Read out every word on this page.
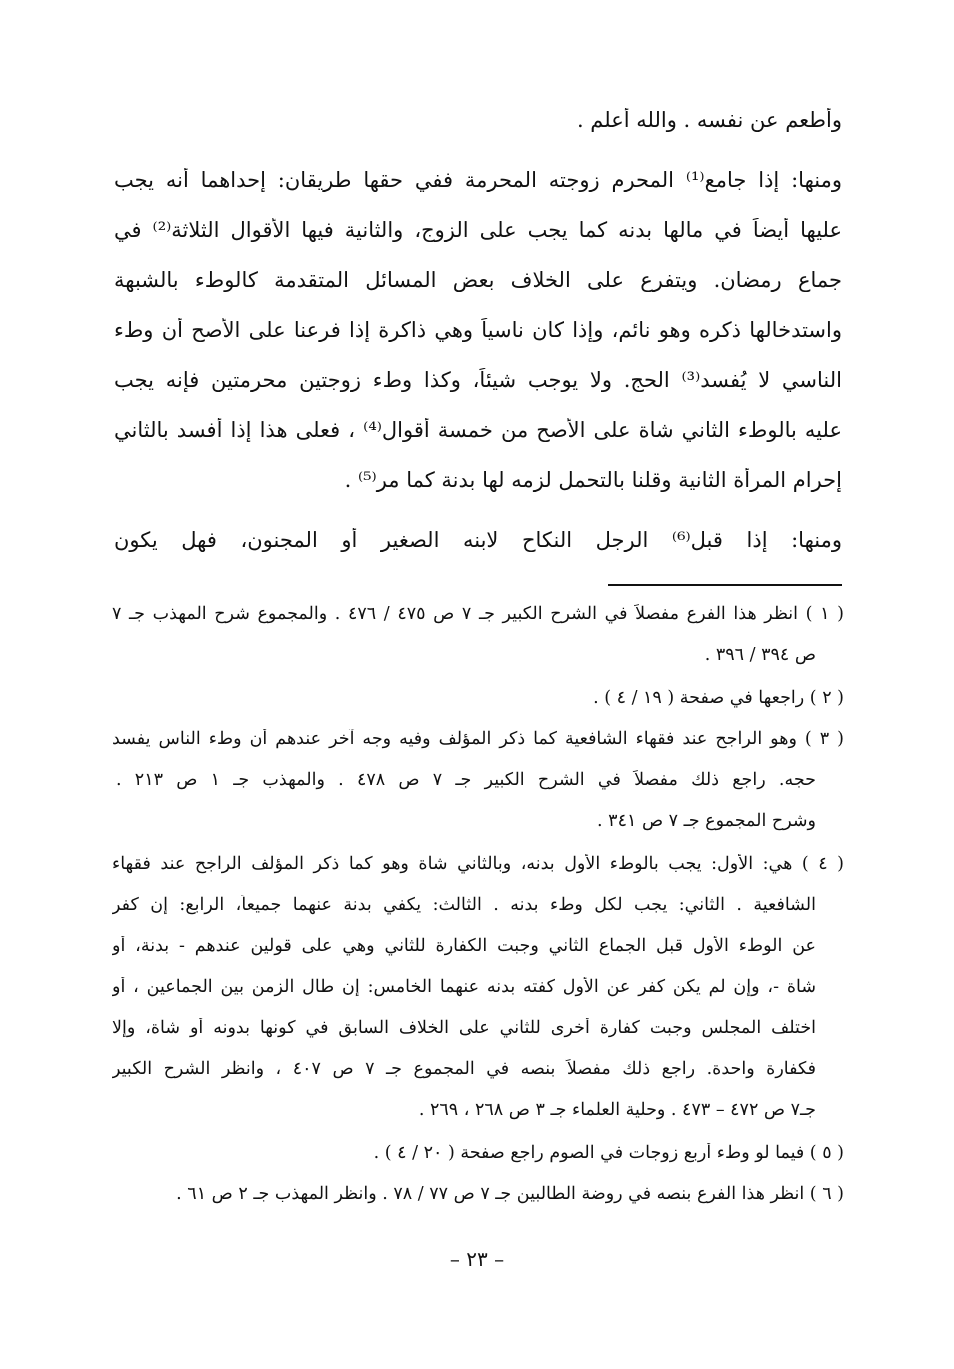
وأطعم عن نفسه . والله أعلم .
ومنها: إذا جامع⁽¹⁾ المحرم زوجته المحرمة ففي حقها طريقان: إحداهما أنه يجب
عليها أيضاً في مالها بدنه كما يجب على الزوج، والثانية فيها الأقوال الثلاثة⁽²⁾ في
جماع رمضان. ويتفرع على الخلاف بعض المسائل المتقدمة كالوطء بالشبهة
واستدخالها ذكره وهو نائم، وإذا كان ناسياً وهي ذاكرة إذا فرعنا على الأصح أن وطء
الناسي لا يُفسد⁽³⁾ الحج. ولا يوجب شيئاً، وكذا وطء زوجتين محرمتين فإنه يجب
عليه بالوطء الثاني شاة على الأصح من خمسة أقوال⁽⁴⁾ ، فعلى هذا إذا أفسد بالثاني
إحرام المرأة الثانية وقلنا بالتحمل لزمه لها بدنة كما مر⁽⁵⁾ .
ومنها: إذا قبل⁽⁶⁾ الرجل النكاح لابنه الصغير أو المجنون، فهل يكون
( ١ ) انظر هذا الفرع مفصلاً في الشرح الكبير جـ ٧ ص ٤٧٥ / ٤٧٦ . والمجموع شرح المهذب جـ ٧
ص ٣٩٤ / ٣٩٦ .
( ٢ ) راجعها في صفحة ( ١٩ / ٤ ) .
( ٣ ) وهو الراجح عند فقهاء الشافعية كما ذكر المؤلف وفيه وجه آخر عندهم أن وطء الناس يفسد
حجه. راجع ذلك مفصلاً في الشرح الكبير جـ ٧ ص ٤٧٨ . والمهذب جـ ١ ص ٢١٣ .
وشرح المجموع جـ ٧ ص ٣٤١ .
( ٤ ) هي: الأول: يجب بالوطء الأول بدنه، وبالثاني شاة وهو كما ذكر المؤلف الراجح عند فقهاء
الشافعية . الثاني: يجب لكل وطء بدنه . الثالث: يكفي بدنة عنهما جميعاً، الرابع: إن كفر
عن الوطء الأول قبل الجماع الثاني وجبت الكفارة للثاني وهي على قولين عندهم - بدنة، أو
شاة -، وإن لم يكن كفر عن الأول كفته بدنه عنهما الخامس: إن طال الزمن بين الجماعين ، أو
اختلف المجلس وجبت كفارة أخرى للثاني على الخلاف السابق في كونها بدونه أو شاة، وإلا
فكفارة واحدة. راجع ذلك مفصلاً بنصه في المجموع جـ ٧ ص ٤٠٧ ، وانظر الشرح الكبير
جـ٧ ص ٤٧٢ – ٤٧٣ . وحلية العلماء جـ ٣ ص ٢٦٨ ، ٢٦٩ .
( ٥ ) فيما لو وطء أربع زوجات في الصوم راجع صفحة ( ٢٠ / ٤ ) .
( ٦ ) انظر هذا الفرع بنصه في روضة الطالبين جـ ٧ ص ٧٧ / ٧٨ . وانظر المهذب جـ ٢ ص ٦١ .
– ٢٣ –
